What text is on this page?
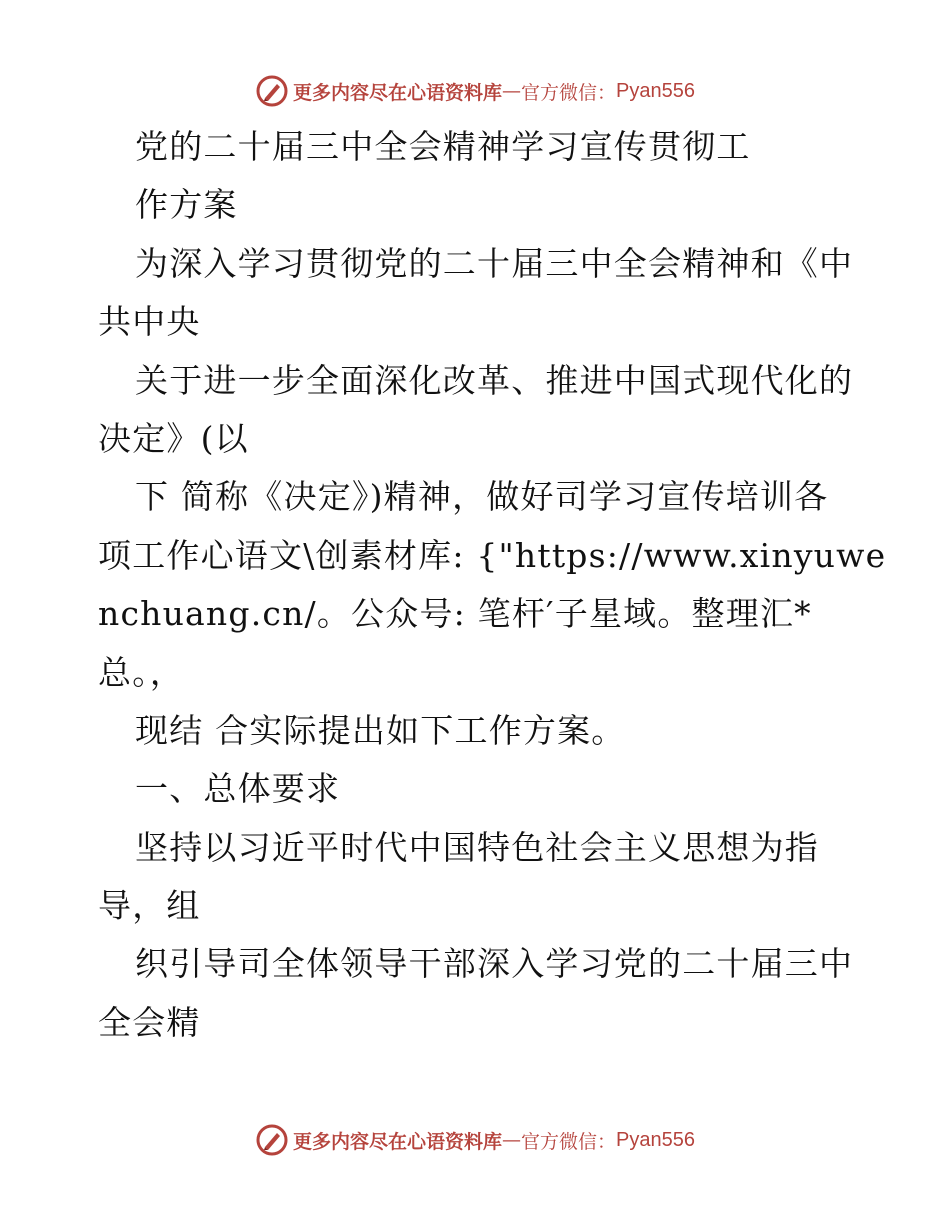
更多内容尽在心语资料库 — 官方微信： Pyan556
党的二十届三中全会精神学习宣传贯彻工
作方案
为深入学习贯彻党的二十届三中全会精神和《中
共中央
关于进一步全面深化改革、推进中国式现代化的
决定》(以
下 简称《决定》)精神，做好司学习宣传培训各
项工作心语文\创素材库: {"https://www.xinyuwe
nchuang.cn/。公众号: 笔杆′子星域。整理汇*
总。，
现结 合实际提出如下工作方案。
一、总体要求
坚持以习近平时代中国特色社会主义思想为指
导，组
织引导司全体领导干部深入学习党的二十届三中
全会精
更多内容尽在心语资料库 — 官方微信： Pyan556
